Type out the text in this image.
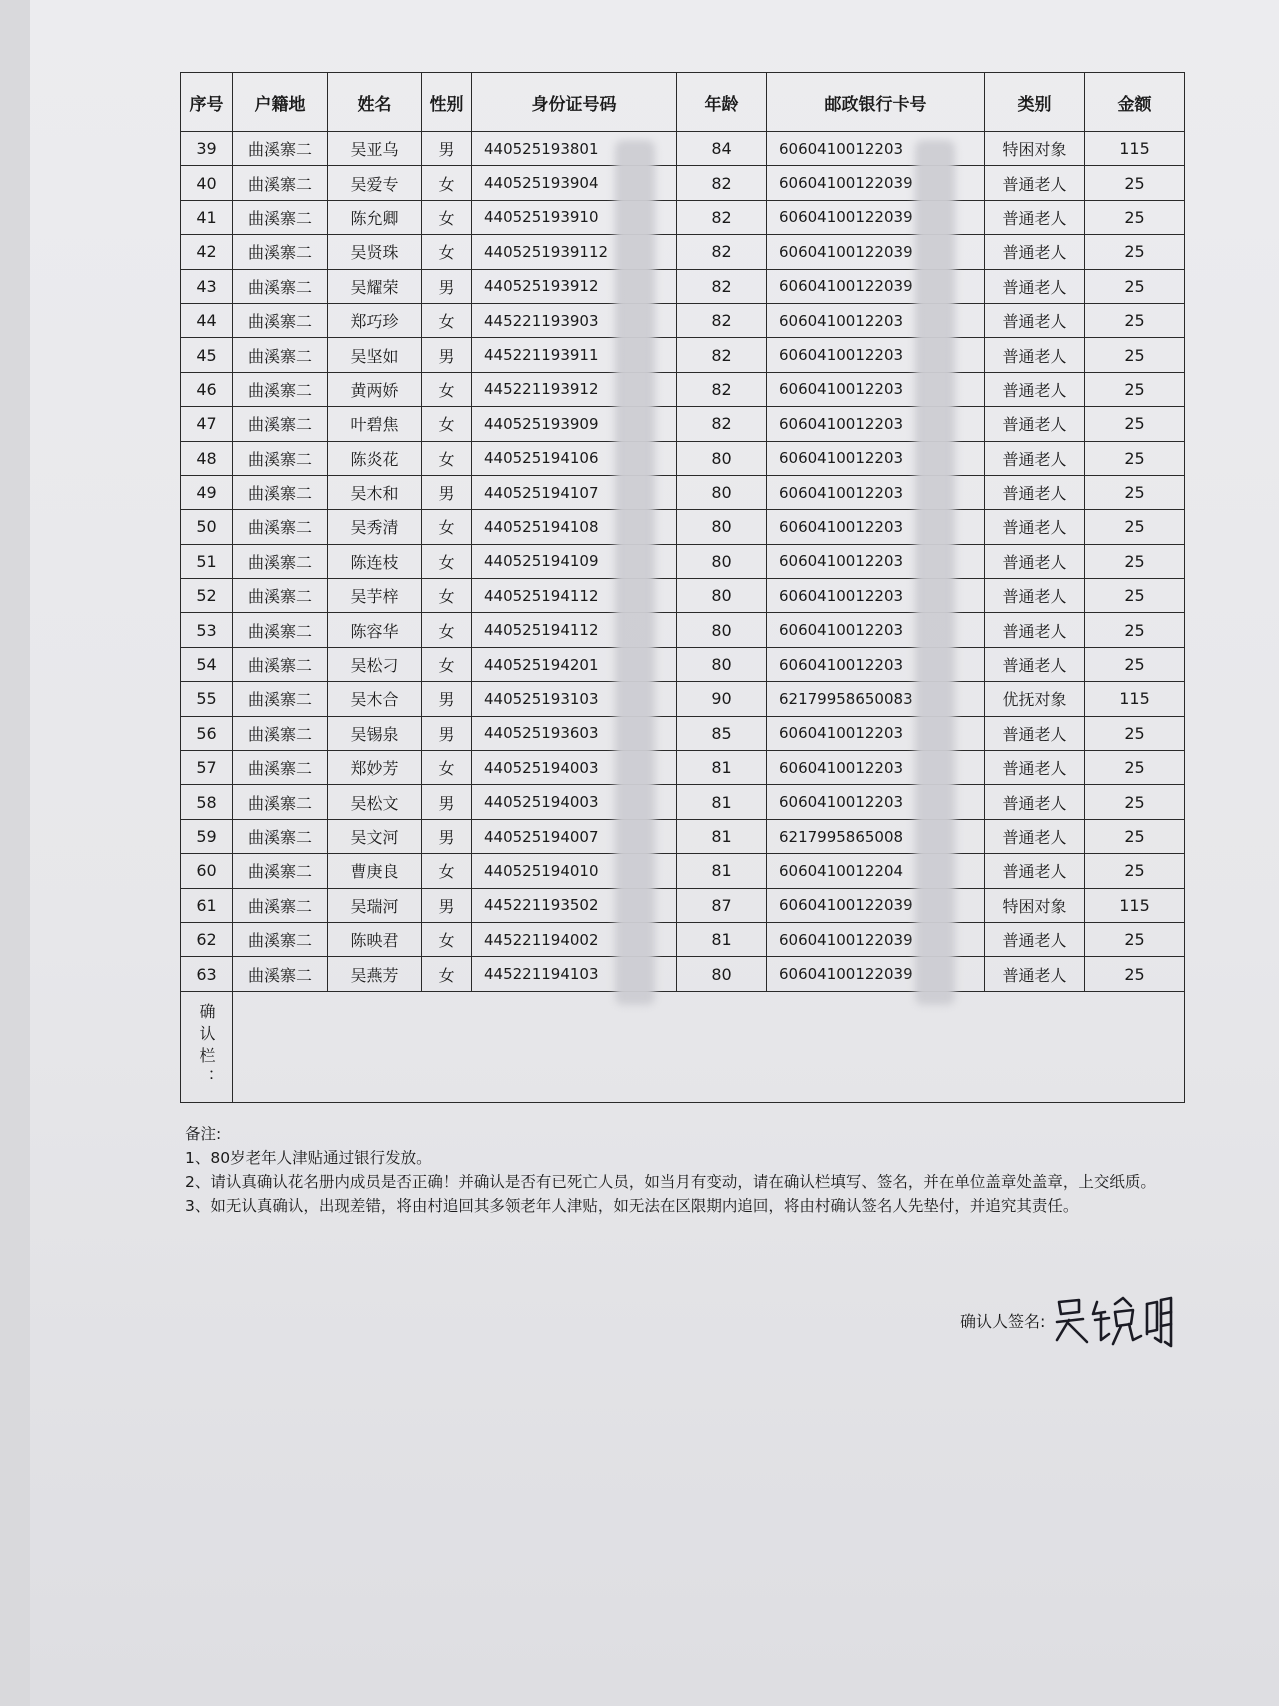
序号	户籍地	姓名	性别	身份证号码	年龄	邮政银行卡号	类别	金额
39	曲溪寨二	吴亚乌	男	440525193801	84	6060410012203	特困对象	115
40	曲溪寨二	吴爱专	女	440525193904	82	60604100122039	普通老人	25
41	曲溪寨二	陈允卿	女	440525193910	82	60604100122039	普通老人	25
42	曲溪寨二	吴贤珠	女	4405251939112	82	60604100122039	普通老人	25
43	曲溪寨二	吴耀荣	男	440525193912	82	60604100122039	普通老人	25
44	曲溪寨二	郑巧珍	女	445221193903	82	6060410012203	普通老人	25
45	曲溪寨二	吴坚如	男	445221193911	82	6060410012203	普通老人	25
46	曲溪寨二	黄两娇	女	445221193912	82	6060410012203	普通老人	25
47	曲溪寨二	叶碧焦	女	440525193909	82	6060410012203	普通老人	25
48	曲溪寨二	陈炎花	女	440525194106	80	6060410012203	普通老人	25
49	曲溪寨二	吴木和	男	440525194107	80	6060410012203	普通老人	25
50	曲溪寨二	吴秀清	女	440525194108	80	6060410012203	普通老人	25
51	曲溪寨二	陈连枝	女	440525194109	80	6060410012203	普通老人	25
52	曲溪寨二	吴芋梓	女	440525194112	80	6060410012203	普通老人	25
53	曲溪寨二	陈容华	女	440525194112	80	6060410012203	普通老人	25
54	曲溪寨二	吴松刁	女	440525194201	80	6060410012203	普通老人	25
55	曲溪寨二	吴木合	男	440525193103	90	62179958650083	优抚对象	115
56	曲溪寨二	吴锡泉	男	440525193603	85	6060410012203	普通老人	25
57	曲溪寨二	郑妙芳	女	440525194003	81	6060410012203	普通老人	25
58	曲溪寨二	吴松文	男	440525194003	81	6060410012203	普通老人	25
59	曲溪寨二	吴文河	男	440525194007	81	6217995865008	普通老人	25
60	曲溪寨二	曹庚良	女	440525194010	81	6060410012204	普通老人	25
61	曲溪寨二	吴瑞河	男	445221193502	87	60604100122039	特困对象	115
62	曲溪寨二	陈映君	女	445221194002	81	60604100122039	普通老人	25
63	曲溪寨二	吴燕芳	女	445221194103	80	60604100122039	普通老人	25

确认栏：								

备注:

1、80岁老年人津贴通过银行发放。

2、请认真确认花名册内成员是否正确！并确认是否有已死亡人员，如当月有变动，请在确认栏填写、签名，并在单位盖章处盖章，上交纸质。

3、如无认真确认，出现差错，将由村追回其多领老年人津贴，如无法在区限期内追回，将由村确认签名人先垫付，并追究其责任。

确认人签名:
